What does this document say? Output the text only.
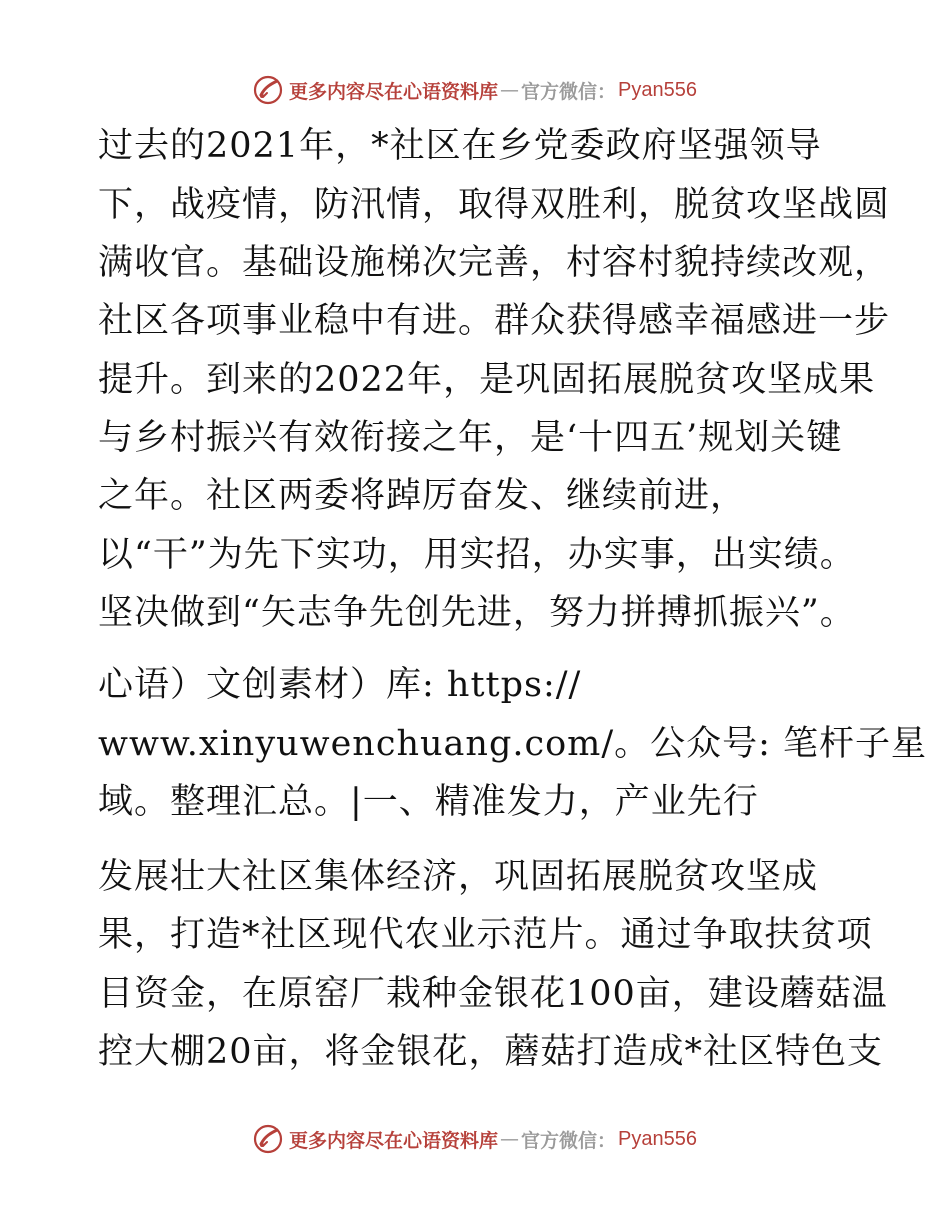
更多内容尽在心语资料库 — 官方微信： Pyan556
过去的2021年，*社区在乡党委政府坚强领导
下，战疫情，防汛情，取得双胜利，脱贫攻坚战圆
满收官。基础设施梯次完善，村容村貌持续改观，
社区各项事业稳中有进。群众获得感幸福感进一步
提升。到来的2022年，是巩固拓展脱贫攻坚成果
与乡村振兴有效衔接之年，是‘十四五’规划关键
之年。社区两委将踔厉奋发、继续前进，
以“干”为先下实功，用实招，办实事，出实绩。
坚决做到“矢志争先创先进，努力拼搏抓振兴”。
心语）文创素材）库: https://
www.xinyuwenchuang.com/。公众号: 笔杆子星
域。整理汇总。|一、精准发力，产业先行
发展壮大社区集体经济，巩固拓展脱贫攻坚成
果，打造*社区现代农业示范片。通过争取扶贫项
目资金，在原窑厂栽种金银花100亩，建设蘑菇温
控大棚20亩，将金银花，蘑菇打造成*社区特色支
更多内容尽在心语资料库 — 官方微信： Pyan556
